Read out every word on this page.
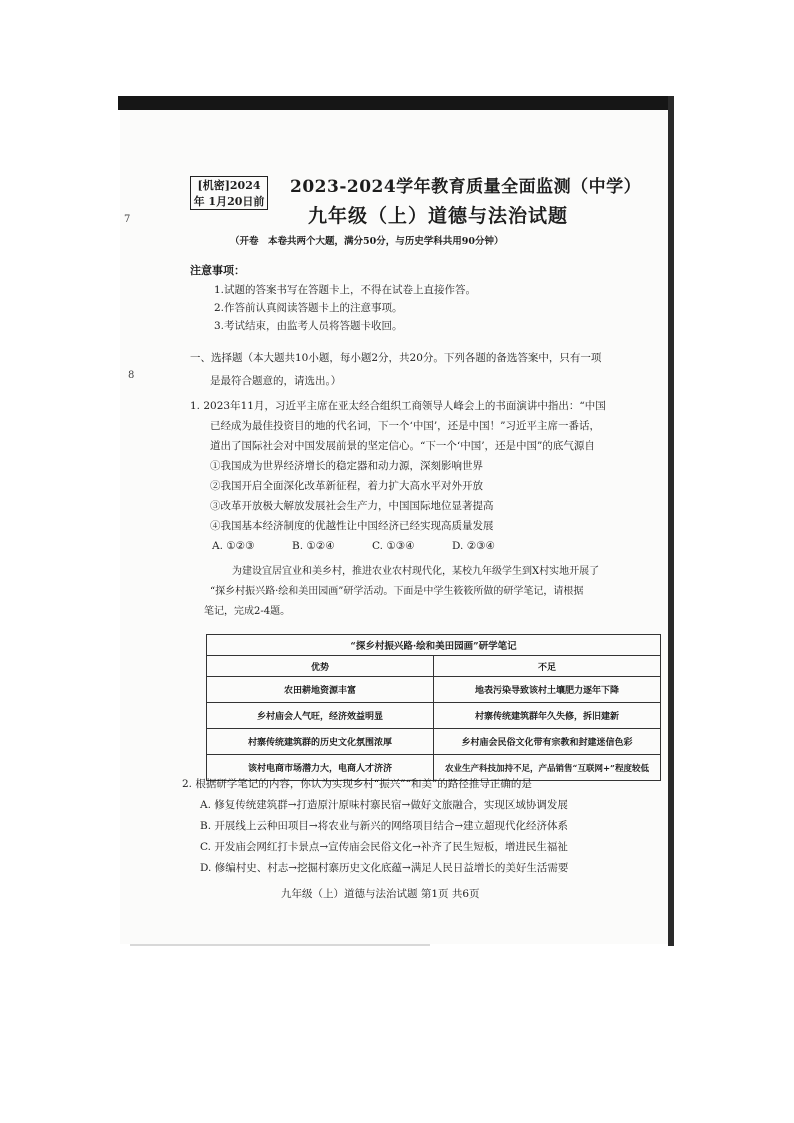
7
8
[机密]2024年 1月20日前
2023-2024学年教育质量全面监测（中学）
九年级（上）道德与法治试题
（开卷　本卷共两个大题，满分50分，与历史学科共用90分钟）
注意事项：
1.试题的答案书写在答题卡上，不得在试卷上直接作答。
2.作答前认真阅读答题卡上的注意事项。
3.考试结束，由监考人员将答题卡收回。
一、选择题（本大题共10小题，每小题2分，共20分。下列各题的备选答案中，只有一项
是最符合题意的，请选出。）
1. 2023年11月，习近平主席在亚太经合组织工商领导人峰会上的书面演讲中指出：“中国
已经成为最佳投资目的地的代名词，下一个‘中国’，还是中国！”习近平主席一番话，
道出了国际社会对中国发展前景的坚定信心。“下一个‘中国’，还是中国”的底气源自
①我国成为世界经济增长的稳定器和动力源，深刻影响世界
②我国开启全面深化改革新征程，着力扩大高水平对外开放
③改革开放极大解放发展社会生产力，中国国际地位显著提高
④我国基本经济制度的优越性让中国经济已经实现高质量发展
A. ①②③	B. ①②④	C. ①③④	D. ②③④
为建设宜居宜业和美乡村，推进农业农村现代化，某校九年级学生到X村实地开展了
“探乡村振兴路·绘和美田园画”研学活动。下面是中学生筱筱所做的研学笔记，请根据
笔记，完成2-4题。
“探乡村振兴路·绘和美田园画”研学笔记	
优势	不足
农田耕地资源丰富	地表污染导致该村土壤肥力逐年下降
乡村庙会人气旺，经济效益明显	村寨传统建筑群年久失修，拆旧建新
村寨传统建筑群的历史文化氛围浓厚	乡村庙会民俗文化带有宗教和封建迷信色彩
该村电商市场潜力大，电商人才济济	农业生产科技加持不足，产品销售“互联网+”程度较低
2. 根据研学笔记的内容，你认为实现乡村“振兴”“和美”的路径推导正确的是
A. 修复传统建筑群→打造原汁原味村寨民宿→做好文旅融合，实现区域协调发展
B. 开展线上云种田项目→将农业与新兴的网络项目结合→建立超现代化经济体系
C. 开发庙会网红打卡景点→宣传庙会民俗文化→补齐了民生短板，增进民生福祉
D. 修编村史、村志→挖掘村寨历史文化底蕴→满足人民日益增长的美好生活需要
九年级（上）道德与法治试题 第1页 共6页
